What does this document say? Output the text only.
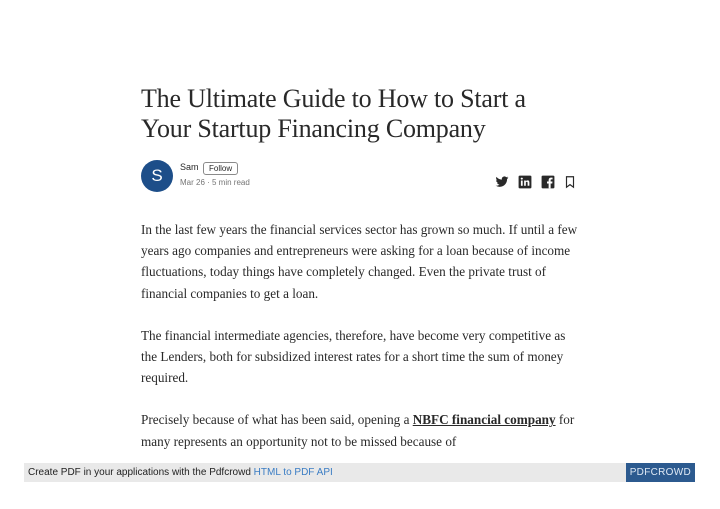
The Ultimate Guide to How to Start a
Your Startup Financing Company
S	Sam	Follow
Mar 26 · 5 min read

In the last few years the financial services sector has grown so much. If until a few years ago companies and entrepreneurs were asking for a loan because of income fluctuations, today things have completely changed. Even the private trust of financial companies to get a loan.

The financial intermediate agencies, therefore, have become very competitive as the Lenders, both for subsidized interest rates for a short time the sum of money required.

Precisely because of what has been said, opening a NBFC financial company for many represents an opportunity not to be missed because of

Create PDF in your applications with the Pdfcrowd HTML to PDF API	PDFCROWD
